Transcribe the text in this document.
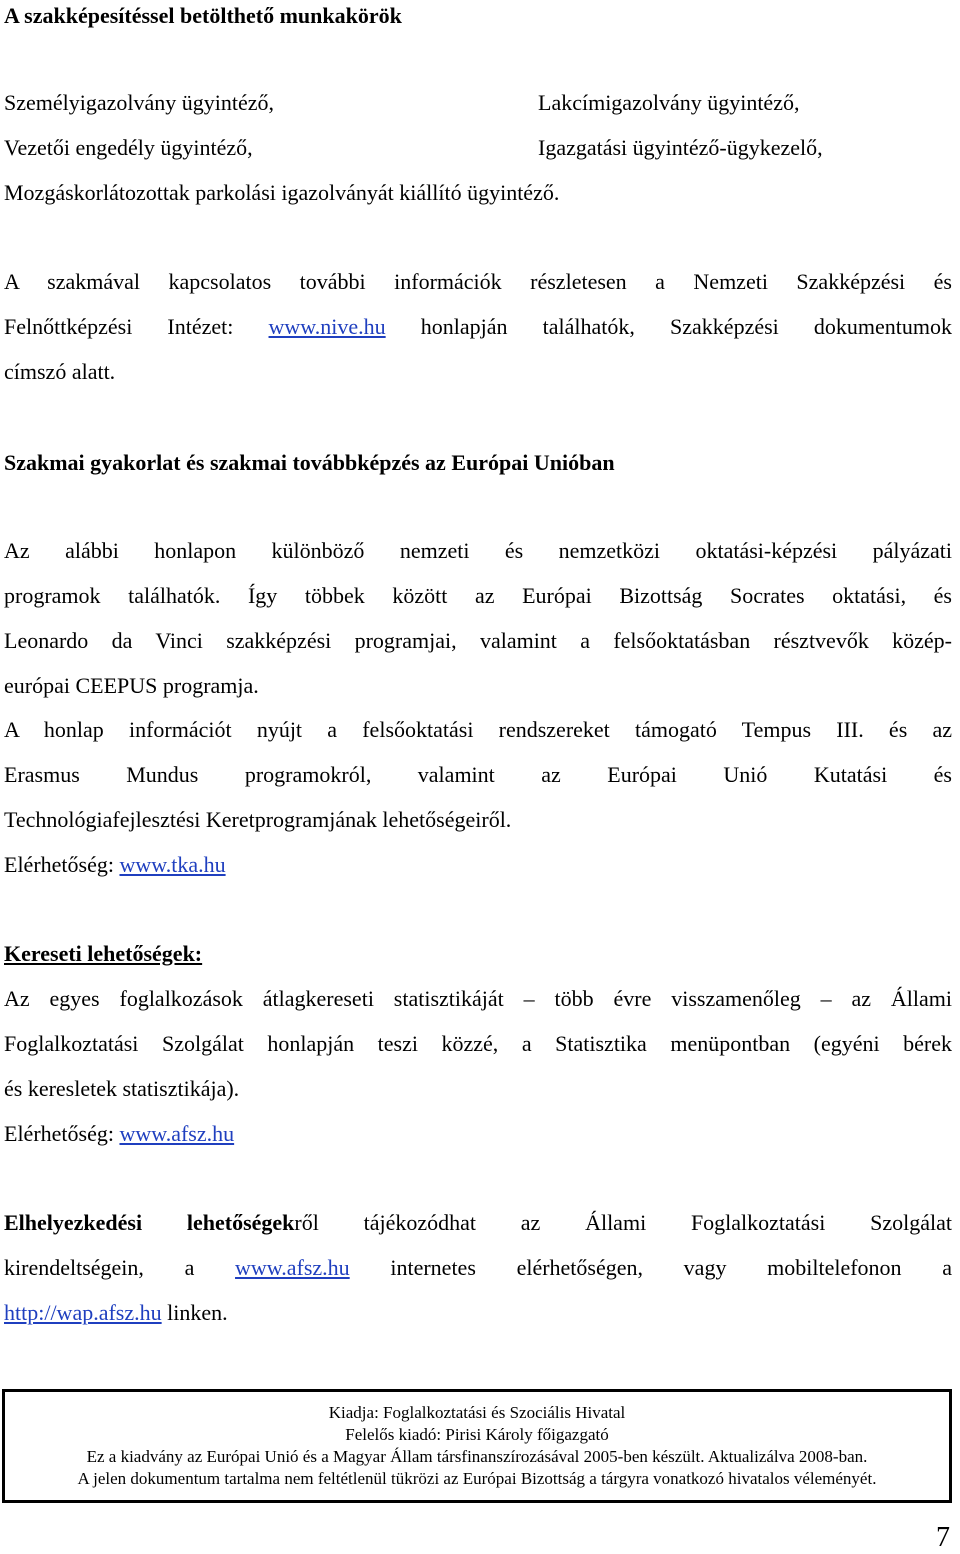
A szakképesítéssel betölthető munkakörök
Személyigazolvány ügyintéző,	Lakcímigazolvány ügyintéző,
Vezetői engedély ügyintéző,	Igazgatási ügyintéző-ügykezelő,
Mozgáskorlátozottak parkolási igazolványát kiállító ügyintéző.
A szakmával kapcsolatos további információk részletesen a Nemzeti Szakképzési és
Felnőttképzési Intézet: www.nive.hu honlapján találhatók, Szakképzési dokumentumok
címszó alatt.
Szakmai gyakorlat és szakmai továbbképzés az Európai Unióban
Az alábbi honlapon különböző nemzeti és nemzetközi oktatási-képzési pályázati
programok találhatók. Így többek között az Európai Bizottság Socrates oktatási, és
Leonardo da Vinci szakképzési programjai, valamint a felsőoktatásban résztvevők közép-
európai CEEPUS programja.
A honlap információt nyújt a felsőoktatási rendszereket támogató Tempus III. és az
Erasmus Mundus programokról, valamint az Európai Unió Kutatási és
Technológiafejlesztési Keretprogramjának lehetőségeiről.
Elérhetőség: www.tka.hu
Kereseti lehetőségek:
Az egyes foglalkozások átlagkereseti statisztikáját – több évre visszamenőleg – az Állami
Foglalkoztatási Szolgálat honlapján teszi közzé, a Statisztika menüpontban (egyéni bérek
és keresletek statisztikája).
Elérhetőség: www.afsz.hu
Elhelyezkedési lehetőségekről tájékozódhat az Állami Foglalkoztatási Szolgálat
kirendeltségein, a www.afsz.hu internetes elérhetőségen, vagy mobiltelefonon a
http://wap.afsz.hu linken.
Kiadja: Foglalkoztatási és Szociális Hivatal
Felelős kiadó: Pirisi Károly főigazgató
Ez a kiadvány az Európai Unió és a Magyar Állam társfinanszírozásával 2005-ben készült. Aktualizálva 2008-ban.
A jelen dokumentum tartalma nem feltétlenül tükrözi az Európai Bizottság a tárgyra vonatkozó hivatalos véleményét.
7
